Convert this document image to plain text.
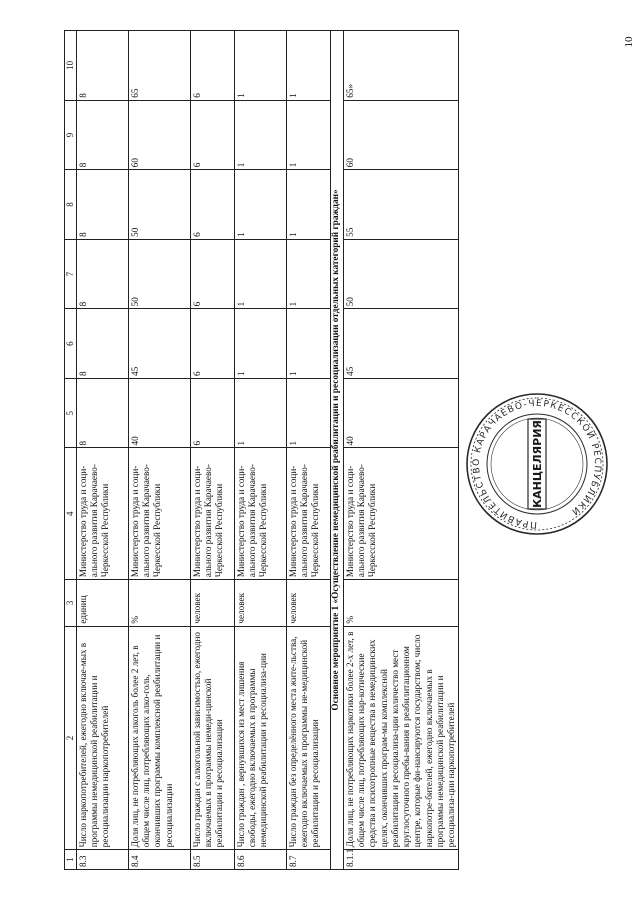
10
1	2	3	4	5	6	7	8	9	10
8.3	Число наркопотребителей, ежегодно включае-мых в программы немедицинской реабилитации и ресоциализации наркопотребителей	единиц	Министерство труда и соци-ального развития Карачаево-Черкесской Республики	8	8	8	8	8	8
8.4	Доля лиц, не потребляющих алкоголь более 2 лет, в общем числе лиц, потребляющих алко-голь, окончивших программы комплексной реабилитации и ресоциализации	%	Министерство труда и соци-ального развития Карачаево-Черкесской Республики	40	45	50	50	60	65
8.5	Число граждан с алкогольной зависимостью, ежегодно включаемых в программы немеди-цинской реабилитации и ресоциализации	человек	Министерство труда и соци-ального развития Карачаево-Черкесской Республики	6	6	6	6	6	6
8.6	Число граждан , вернувшихся из мест лишения свободы, ежегодно включаемых в программы немедицинской реабилитации и ресоциализа-ции	человек	Министерство труда и соци-ального развития Карачаево-Черкесской Республики	1	1	1	1	1	1
8.7	Число граждан без определённого места жите-льства, ежегодно включаемых в программы не-медицинской реабилитации и ресоциализации	человек	Министерство труда и соци-ального развития Карачаево-Черкесской Республики	1	1	1	1	1	1
Основное мероприятие 1 «Осуществление немедицинской реабилитации и ресоциализации отдельных категорий граждан»									
8.1.1	Доля лиц, не потребляющих наркотики более 2-х лет, в общем числе лиц, потребляющих нар-котические средства и психотропные вещества в немедицинских целях, окончивших програм-мы комплексной реабилитации и ресоциализа-ции количество мест круглосуточного пребы-вания в реабилитационном центре, которые фи-нансируются государством; число наркопотре-бителей, ежегодно включаемых в программы немедицинской реабилитации и ресоциализа-ции наркопотребителей	%	Министерство труда и соци-ального развития Карачаево-Черкесской Республики	40	45	50	55	60	65»
ПРАВИТЕЛЬСТВО КАРАЧАЕВО-ЧЕРКЕССКОЙ РЕСПУБЛИКИ
КАНЦЕЛЯРИЯ
